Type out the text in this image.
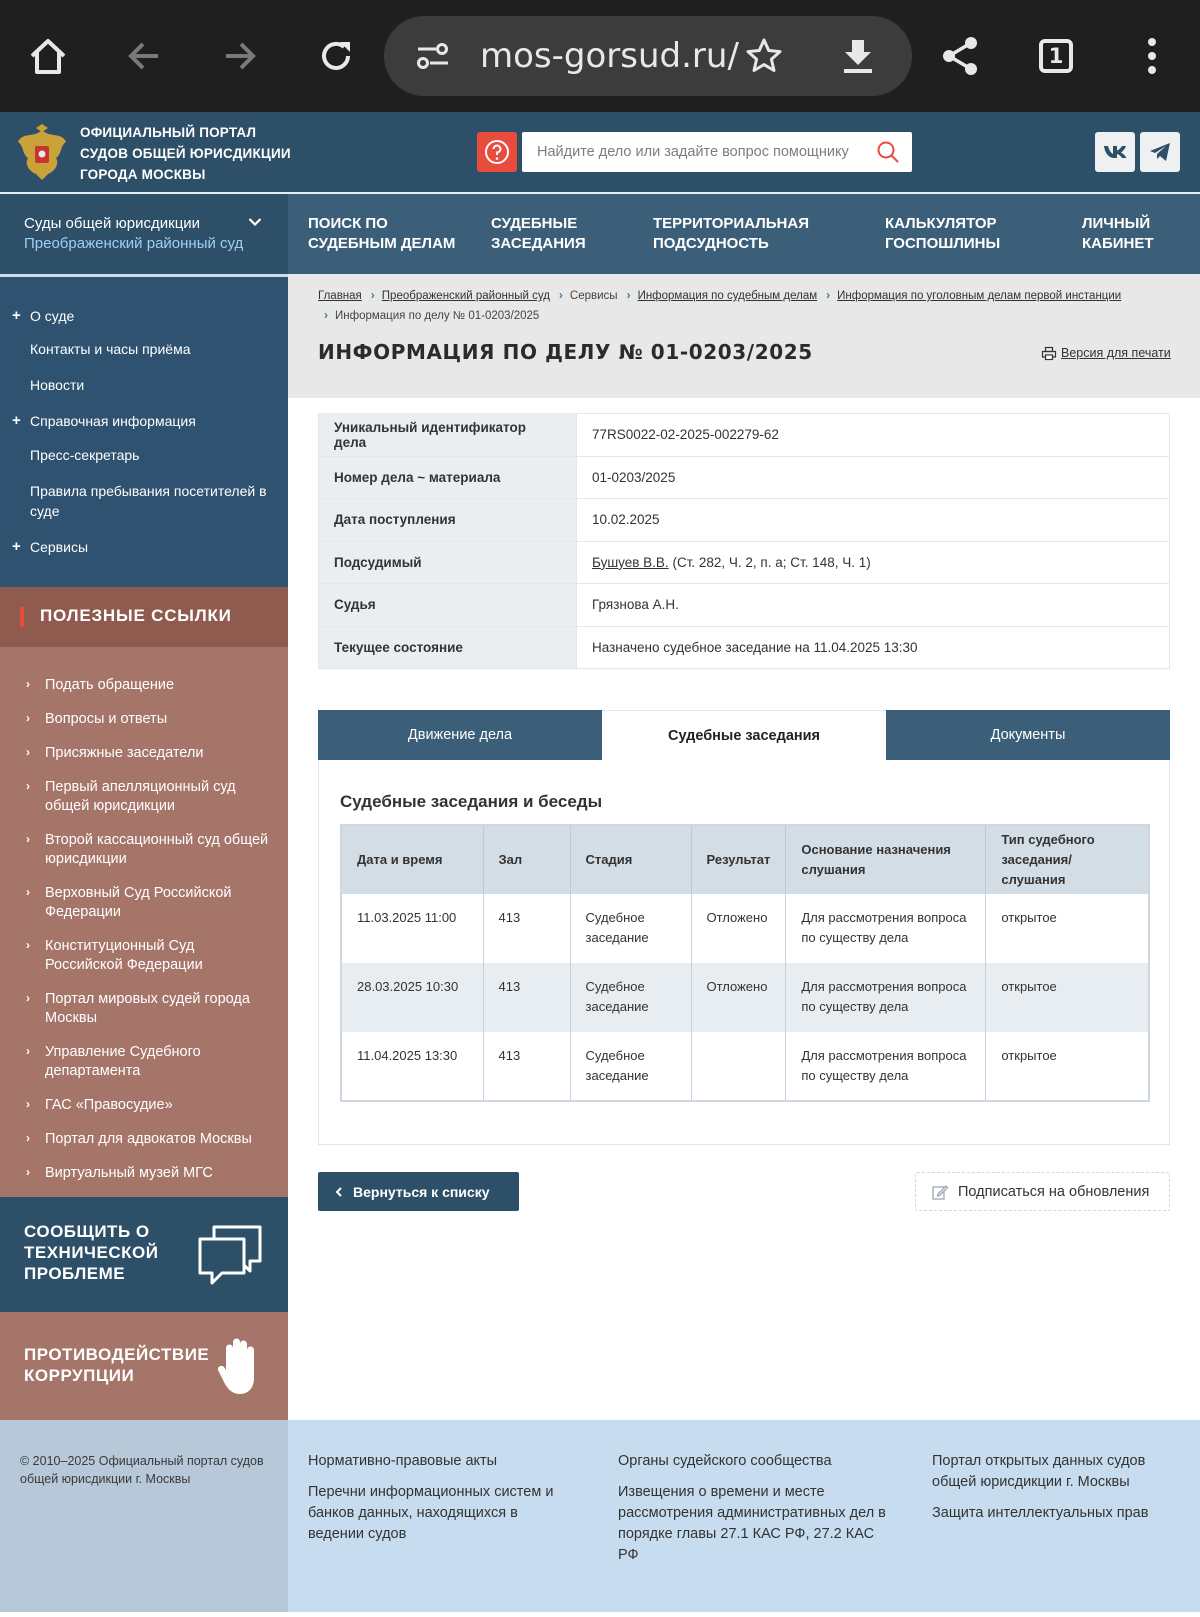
mos-gorsud.ru/	1
ОФИЦИАЛЬНЫЙ ПОРТАЛ СУДОВ ОБЩЕЙ ЮРИСДИКЦИИ ГОРОДА МОСКВЫ
Найдите дело или задайте вопрос помощнику
Суды общей юрисдикции
Преображенский районный суд
ПОИСК ПО СУДЕБНЫМ ДЕЛАМ
СУДЕБНЫЕ ЗАСЕДАНИЯ
ТЕРРИТОРИАЛЬНАЯ ПОДСУДНОСТЬ
КАЛЬКУЛЯТОР ГОСПОШЛИНЫ
ЛИЧНЫЙ КАБИНЕТ
+ О суде
Контакты и часы приёма
Новости
+ Справочная информация
Пресс-секретарь
Правила пребывания посетителей в суде
+ Сервисы
ПОЛЕЗНЫЕ ССЫЛКИ
› Подать обращение
› Вопросы и ответы
› Присяжные заседатели
› Первый апелляционный суд общей юрисдикции
› Второй кассационный суд общей юрисдикции
› Верховный Суд Российской Федерации
› Конституционный Суд Российской Федерации
› Портал мировых судей города Москвы
› Управление Судебного департамента
› ГАС «Правосудие»
› Портал для адвокатов Москвы
› Виртуальный музей МГС
СООБЩИТЬ О ТЕХНИЧЕСКОЙ ПРОБЛЕМЕ
ПРОТИВОДЕЙСТВИЕ КОРРУПЦИИ
Главная › Преображенский районный суд › Сервисы › Информация по судебным делам › Информация по уголовным делам первой инстанции
› Информация по делу № 01-0203/2025
ИНФОРМАЦИЯ ПО ДЕЛУ № 01-0203/2025	Версия для печати
Уникальный идентификатор дела	77RS0022-02-2025-002279-62
Номер дела ~ материала	01-0203/2025
Дата поступления	10.02.2025
Подсудимый	Бушуев В.В. (Ст. 282, Ч. 2, п. а; Ст. 148, Ч. 1)
Судья	Грязнова А.Н.
Текущее состояние	Назначено судебное заседание на 11.04.2025 13:30
Движение дела	Судебные заседания	Документы
Судебные заседания и беседы
Дата и время	Зал	Стадия	Результат	Основание назначения слушания	Тип судебного заседания/слушания
11.03.2025 11:00	413	Судебное заседание	Отложено	Для рассмотрения вопроса по существу дела	открытое
28.03.2025 10:30	413	Судебное заседание	Отложено	Для рассмотрения вопроса по существу дела	открытое
11.04.2025 13:30	413	Судебное заседание		Для рассмотрения вопроса по существу дела	открытое
Вернуться к списку	Подписаться на обновления
© 2010–2025 Официальный портал судов общей юрисдикции г. Москвы
Нормативно-правовые акты
Перечни информационных систем и банков данных, находящихся в ведении судов
Органы судейского сообщества
Извещения о времени и месте рассмотрения административных дел в порядке главы 27.1 КАС РФ, 27.2 КАС РФ
Портал открытых данных судов общей юрисдикции г. Москвы
Защита интеллектуальных прав
